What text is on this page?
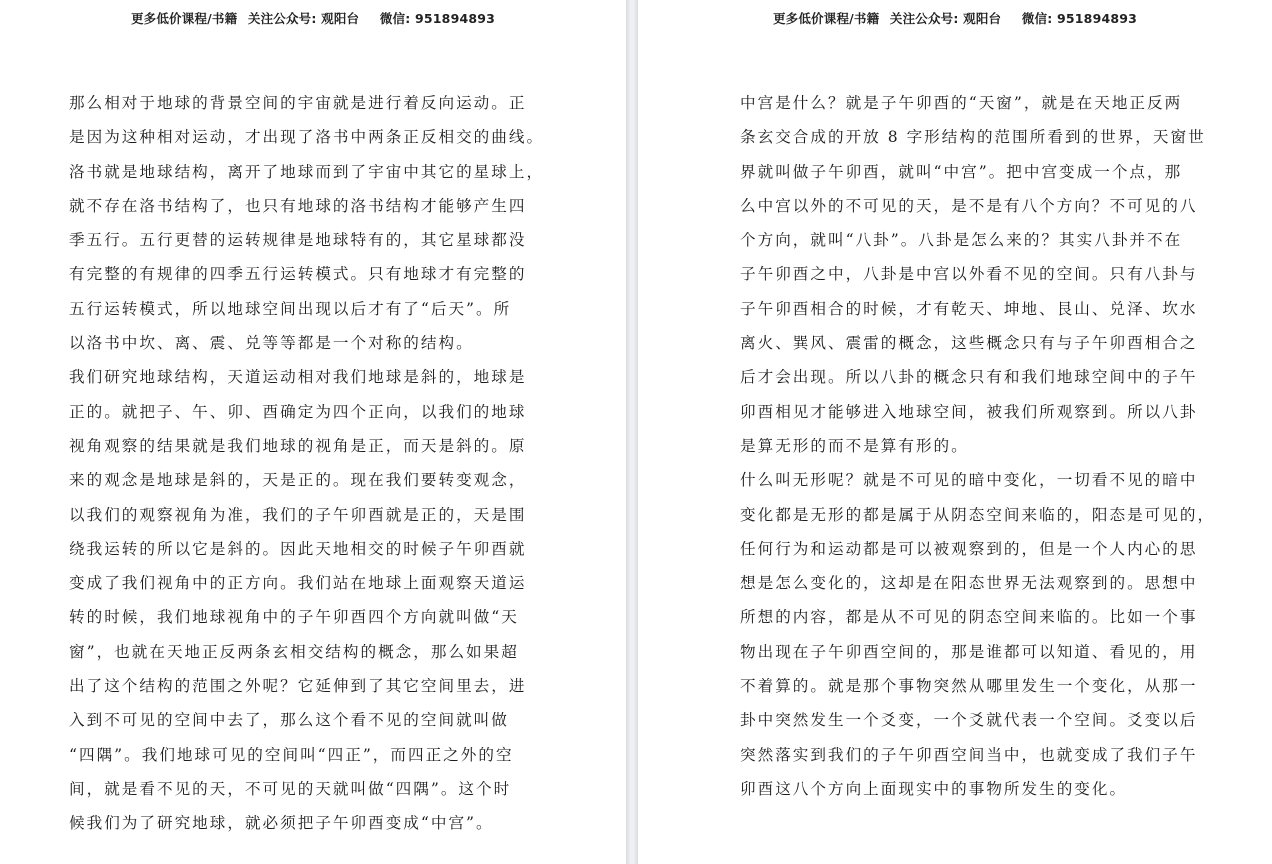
更多低价课程/书籍 关注公众号: 观阳台 微信: 951894893
那么相对于地球的背景空间的宇宙就是进行着反向运动。正
是因为这种相对运动，才出现了洛书中两条正反相交的曲线。
洛书就是地球结构，离开了地球而到了宇宙中其它的星球上，
就不存在洛书结构了，也只有地球的洛书结构才能够产生四
季五行。五行更替的运转规律是地球特有的，其它星球都没
有完整的有规律的四季五行运转模式。只有地球才有完整的
五行运转模式，所以地球空间出现以后才有了“后天”。所
以洛书中坎、离、震、兑等等都是一个对称的结构。
我们研究地球结构，天道运动相对我们地球是斜的，地球是
正的。就把子、午、卯、酉确定为四个正向，以我们的地球
视角观察的结果就是我们地球的视角是正，而天是斜的。原
来的观念是地球是斜的，天是正的。现在我们要转变观念，
以我们的观察视角为准，我们的子午卯酉就是正的，天是围
绕我运转的所以它是斜的。因此天地相交的时候子午卯酉就
变成了我们视角中的正方向。我们站在地球上面观察天道运
转的时候，我们地球视角中的子午卯酉四个方向就叫做“天
窗”，也就在天地正反两条玄相交结构的概念，那么如果超
出了这个结构的范围之外呢？它延伸到了其它空间里去，进
入到不可见的空间中去了，那么这个看不见的空间就叫做
“四隅”。我们地球可见的空间叫“四正”，而四正之外的空
间，就是看不见的天，不可见的天就叫做“四隅”。这个时
候我们为了研究地球，就必须把子午卯酉变成“中宫”。
更多低价课程/书籍 关注公众号: 观阳台 微信: 951894893
中宫是什么？就是子午卯酉的“天窗”，就是在天地正反两
条玄交合成的开放 8 字形结构的范围所看到的世界，天窗世
界就叫做子午卯酉，就叫“中宫”。把中宫变成一个点，那
么中宫以外的不可见的天，是不是有八个方向？不可见的八
个方向，就叫“八卦”。八卦是怎么来的？其实八卦并不在
子午卯酉之中，八卦是中宫以外看不见的空间。只有八卦与
子午卯酉相合的时候，才有乾天、坤地、艮山、兑泽、坎水
离火、巽风、震雷的概念，这些概念只有与子午卯酉相合之
后才会出现。所以八卦的概念只有和我们地球空间中的子午
卯酉相见才能够进入地球空间，被我们所观察到。所以八卦
是算无形的而不是算有形的。
什么叫无形呢？就是不可见的暗中变化，一切看不见的暗中
变化都是无形的都是属于从阴态空间来临的，阳态是可见的，
任何行为和运动都是可以被观察到的，但是一个人内心的思
想是怎么变化的，这却是在阳态世界无法观察到的。思想中
所想的内容，都是从不可见的阴态空间来临的。比如一个事
物出现在子午卯酉空间的，那是谁都可以知道、看见的，用
不着算的。就是那个事物突然从哪里发生一个变化，从那一
卦中突然发生一个爻变，一个爻就代表一个空间。爻变以后
突然落实到我们的子午卯酉空间当中，也就变成了我们子午
卯酉这八个方向上面现实中的事物所发生的变化。
